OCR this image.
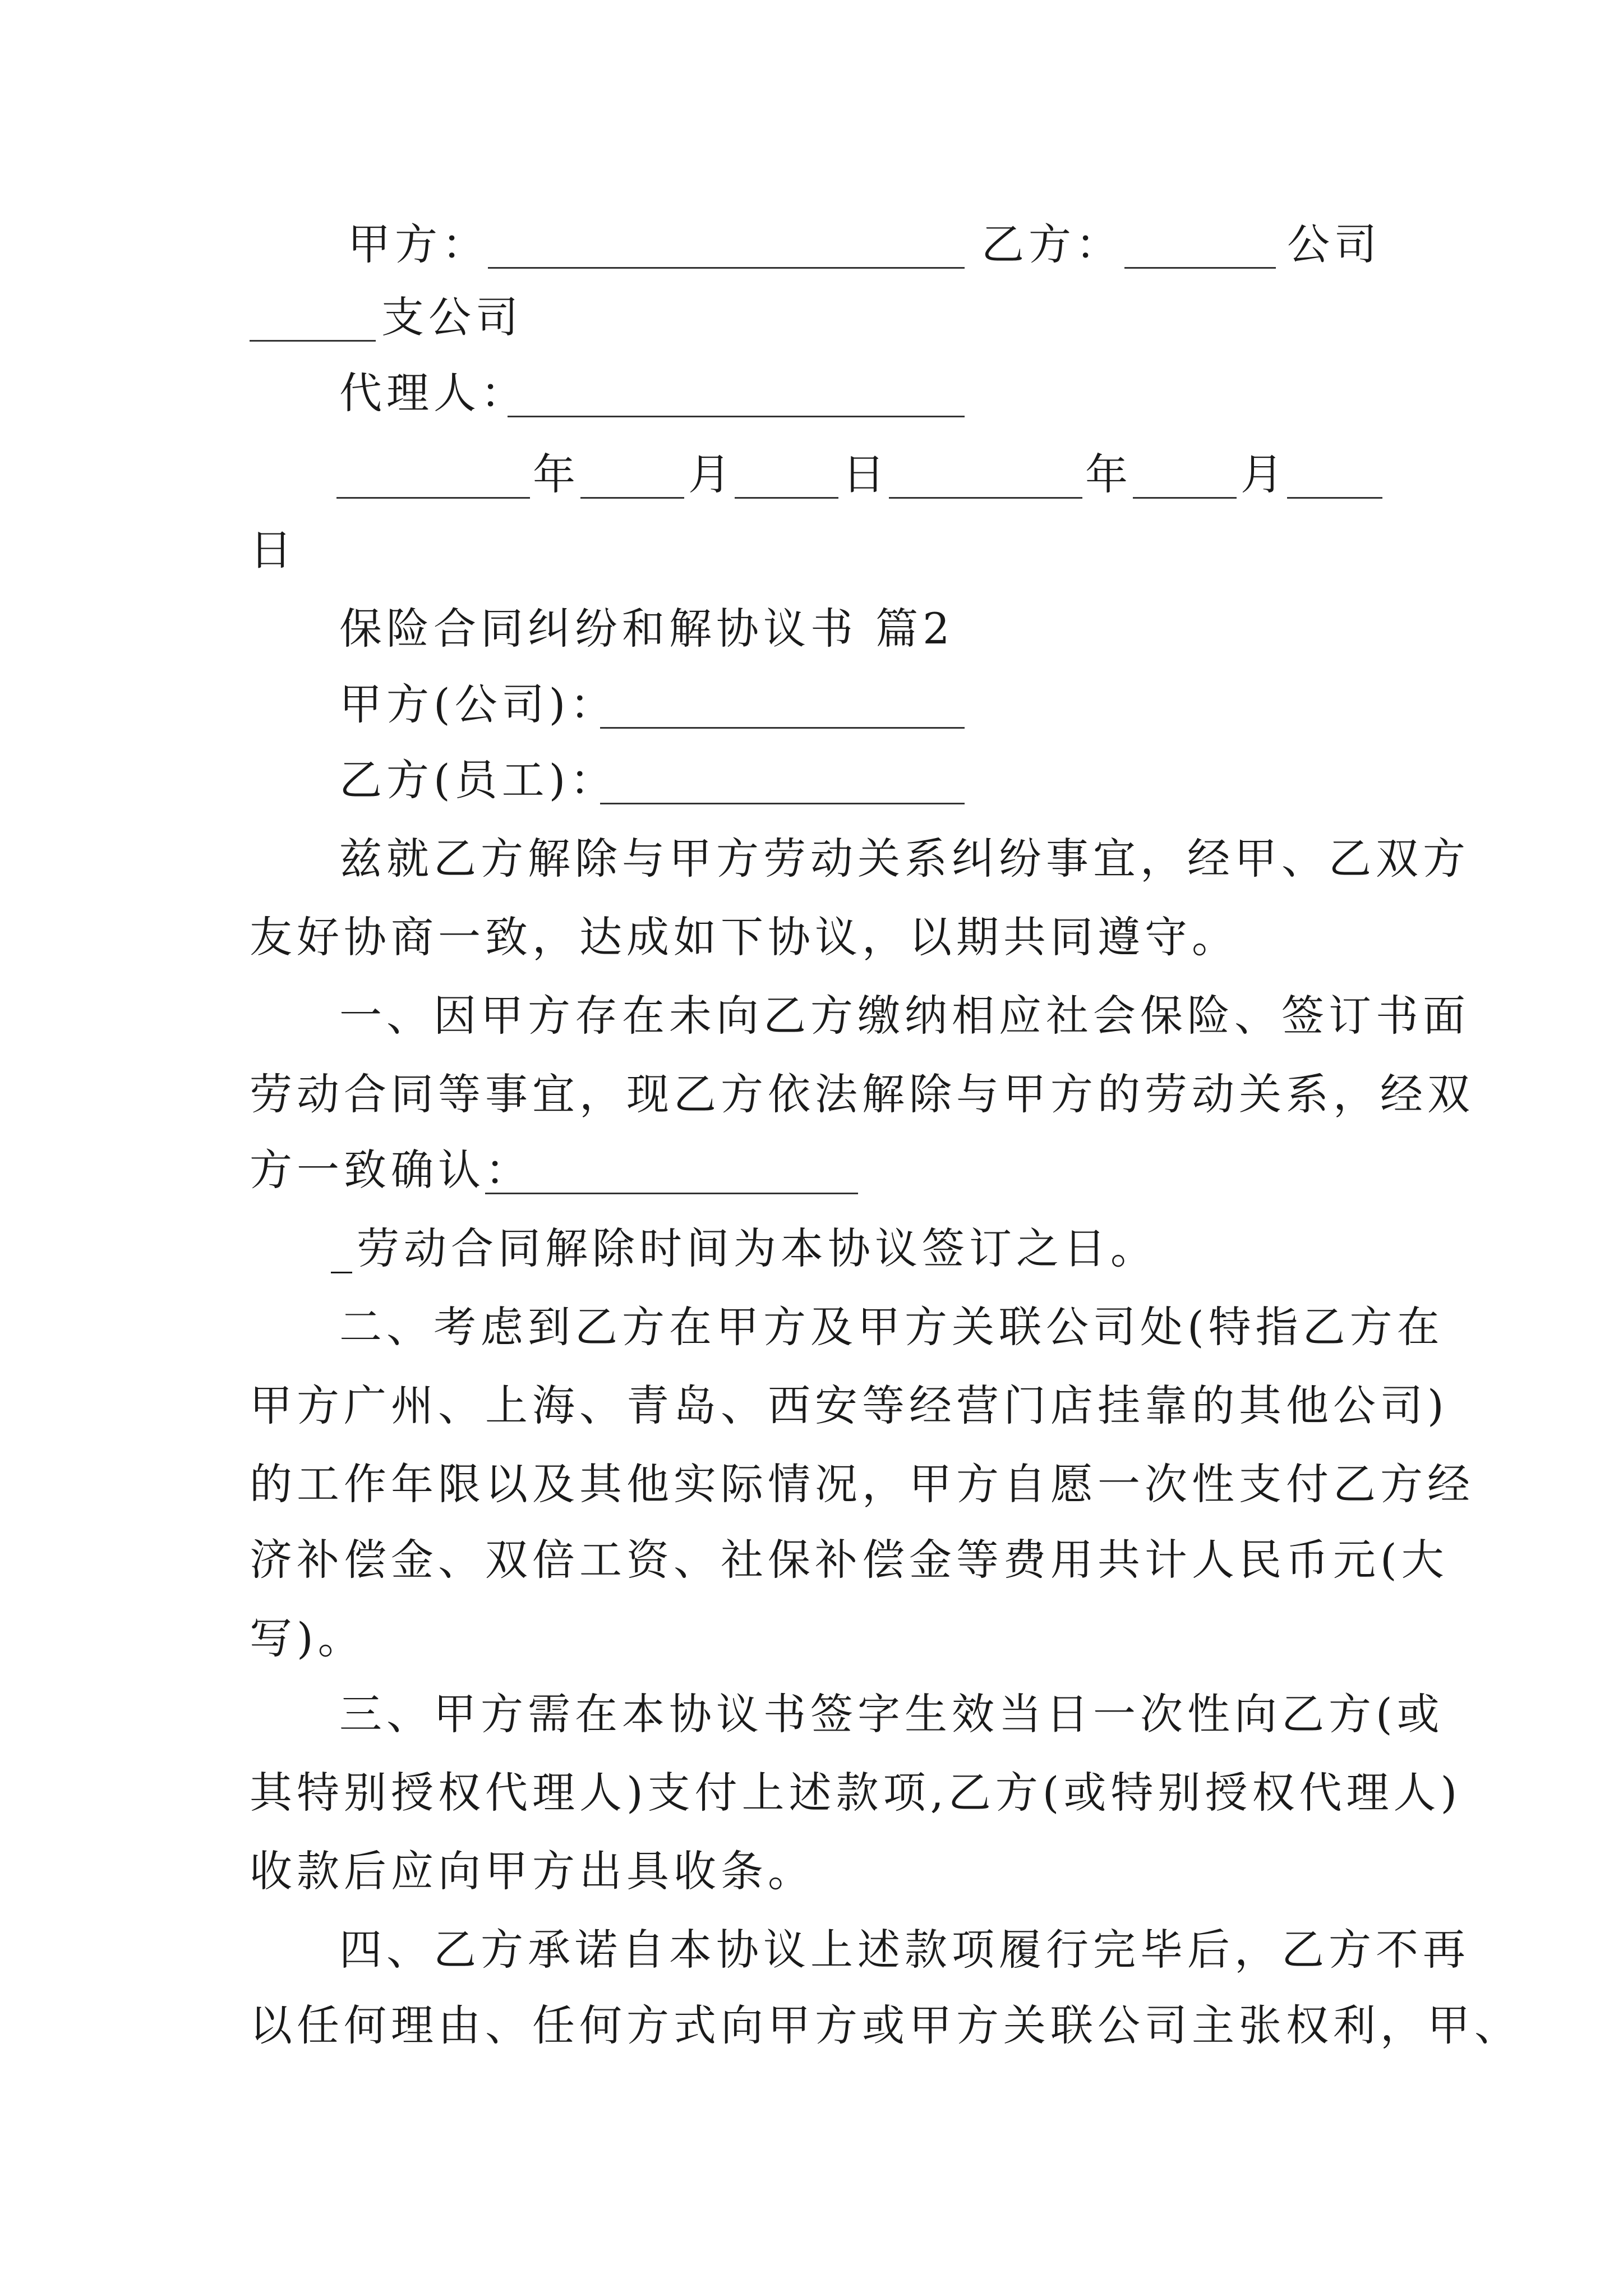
甲方：	乙方：	公司
支公司
代理人：
年	月	日	年	月
日
保险合同纠纷和解协议书 篇2
甲方(公司)：
乙方(员工)：
兹就乙方解除与甲方劳动关系纠纷事宜，经甲、乙双方
友好协商一致，达成如下协议，以期共同遵守。
一、因甲方存在未向乙方缴纳相应社会保险、签订书面
劳动合同等事宜，现乙方依法解除与甲方的劳动关系，经双
方一致确认：
_劳动合同解除时间为本协议签订之日。
二、考虑到乙方在甲方及甲方关联公司处(特指乙方在
甲方广州、上海、青岛、西安等经营门店挂靠的其他公司)
的工作年限以及其他实际情况，甲方自愿一次性支付乙方经
济补偿金、双倍工资、社保补偿金等费用共计人民币元(大
写)。
三、甲方需在本协议书签字生效当日一次性向乙方(或
其特别授权代理人)支付上述款项,乙方(或特别授权代理人)
收款后应向甲方出具收条。
四、乙方承诺自本协议上述款项履行完毕后，乙方不再
以任何理由、任何方式向甲方或甲方关联公司主张权利，甲、
